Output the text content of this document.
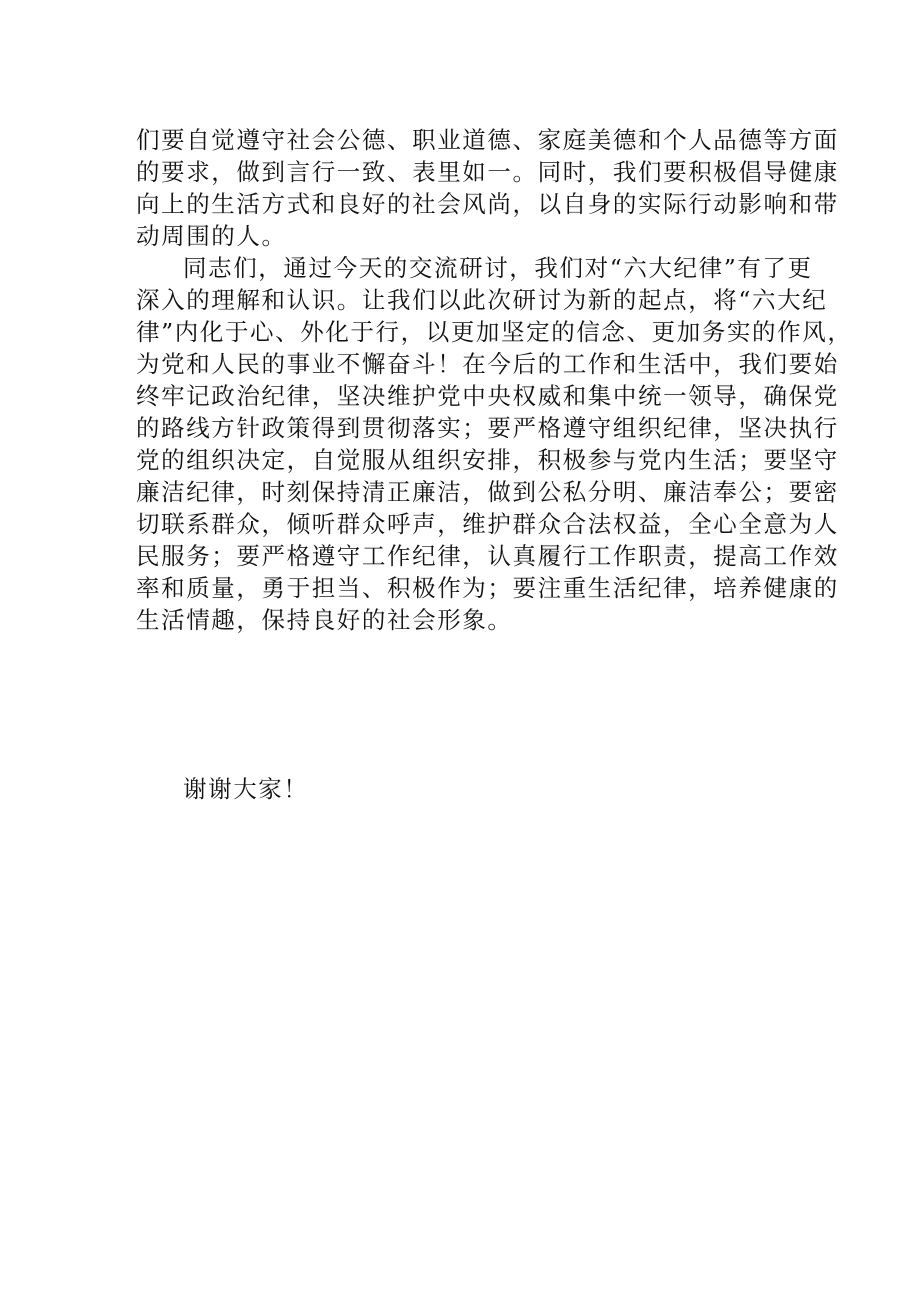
们要自觉遵守社会公德、职业道德、家庭美德和个人品德等方面
的要求，做到言行一致、表里如一。同时，我们要积极倡导健康
向上的生活方式和良好的社会风尚，以自身的实际行动影响和带
动周围的人。
同志们，通过今天的交流研讨，我们对“六大纪律”有了更
深入的理解和认识。让我们以此次研讨为新的起点，将“六大纪
律”内化于心、外化于行，以更加坚定的信念、更加务实的作风，
为党和人民的事业不懈奋斗！在今后的工作和生活中，我们要始
终牢记政治纪律，坚决维护党中央权威和集中统一领导，确保党
的路线方针政策得到贯彻落实；要严格遵守组织纪律，坚决执行
党的组织决定，自觉服从组织安排，积极参与党内生活；要坚守
廉洁纪律，时刻保持清正廉洁，做到公私分明、廉洁奉公；要密
切联系群众，倾听群众呼声，维护群众合法权益，全心全意为人
民服务；要严格遵守工作纪律，认真履行工作职责，提高工作效
率和质量，勇于担当、积极作为；要注重生活纪律，培养健康的
生活情趣，保持良好的社会形象。
谢谢大家！
